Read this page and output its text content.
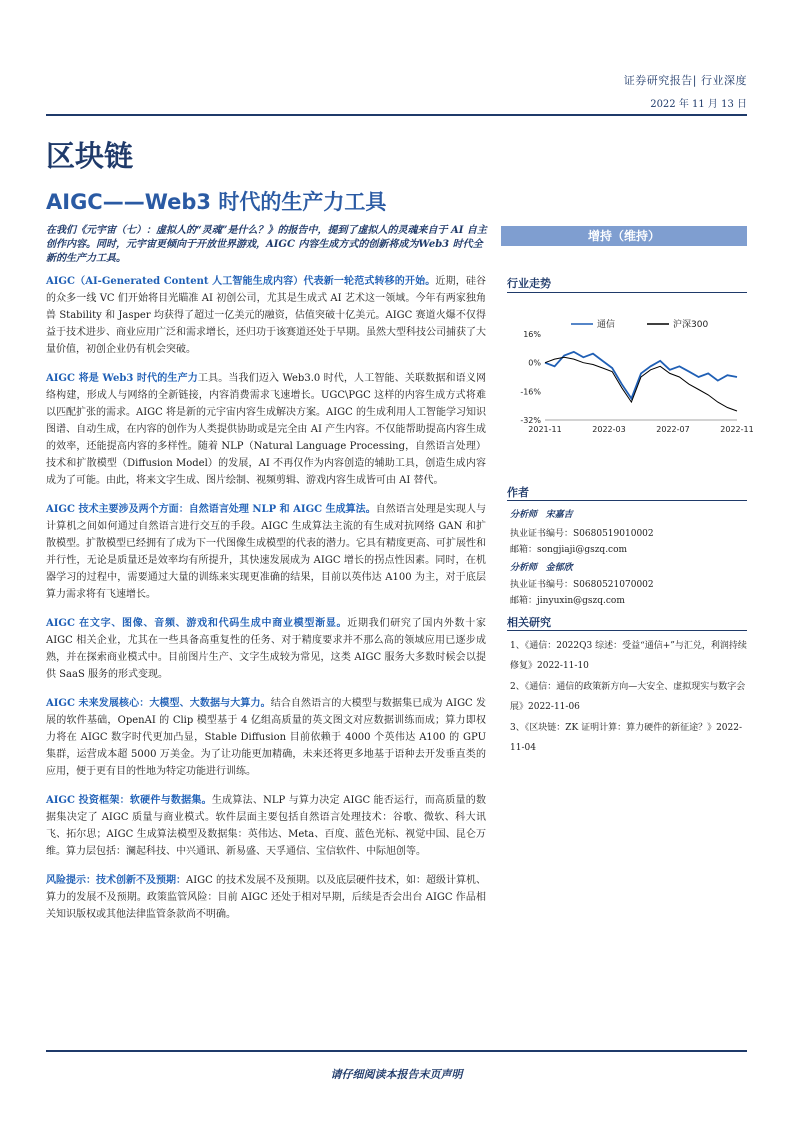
证券研究报告| 行业深度
2022 年 11 月 13 日
区块链
AIGC——Web3 时代的生产力工具
在我们《元宇宙（七）：虚拟人的“灵魂”是什么？》的报告中，提到了虚拟人的灵魂来自于 AI 自主创作内容。同时，元宇宙更倾向于开放世界游戏，AIGC 内容生成方式的创新将成为Web3 时代全新的生产力工具。

AIGC（AI-Generated Content 人工智能生成内容）代表新一轮范式转移的开始。近期，硅谷的众多一线 VC 们开始将目光瞄准 AI 初创公司，尤其是生成式 AI 艺术这一领域。今年有两家独角兽 Stability 和 Jasper 均获得了超过一亿美元的融资，估值突破十亿美元。AIGC 赛道火爆不仅得益于技术进步、商业应用广泛和需求增长，还归功于该赛道还处于早期。虽然大型科技公司捕获了大量价值，初创企业仍有机会突破。

AIGC 将是 Web3 时代的生产力工具。当我们迈入 Web3.0 时代，人工智能、关联数据和语义网络构建，形成人与网络的全新链接，内容消费需求飞速增长。UGC\PGC 这样的内容生成方式将难以匹配扩张的需求。AIGC 将是新的元宇宙内容生成解决方案。AIGC 的生成利用人工智能学习知识图谱、自动生成，在内容的创作为人类提供协助或是完全由 AI 产生内容。不仅能帮助提高内容生成的效率，还能提高内容的多样性。随着 NLP（Natural Language Processing，自然语言处理）技术和扩散模型（Diffusion Model）的发展，AI 不再仅作为内容创造的辅助工具，创造生成内容成为了可能。由此，将来文字生成、图片绘制、视频剪辑、游戏内容生成皆可由 AI 替代。

AIGC 技术主要涉及两个方面：自然语言处理 NLP 和 AIGC 生成算法。自然语言处理是实现人与计算机之间如何通过自然语言进行交互的手段。AIGC 生成算法主流的有生成对抗网络 GAN 和扩散模型。扩散模型已经拥有了成为下一代图像生成模型的代表的潜力。它具有精度更高、可扩展性和并行性，无论是质量还是效率均有所提升，其快速发展成为 AIGC 增长的拐点性因素。同时，在机器学习的过程中，需要通过大量的训练来实现更准确的结果，目前以英伟达 A100 为主，对于底层算力需求将有飞速增长。

AIGC 在文字、图像、音频、游戏和代码生成中商业模型渐显。近期我们研究了国内外数十家 AIGC 相关企业，尤其在一些具备高重复性的任务、对于精度要求并不那么高的领域应用已逐步成熟，并在探索商业模式中。目前图片生产、文字生成较为常见，这类 AIGC 服务大多数时候会以提供 SaaS 服务的形式变现。

AIGC 未来发展核心：大模型、大数据与大算力。结合自然语言的大模型与数据集已成为 AIGC 发展的软件基础，OpenAI 的 Clip 模型基于 4 亿组高质量的英文图文对应数据训练而成；算力即权力将在 AIGC 数字时代更加凸显，Stable Diffusion 目前依赖于 4000 个英伟达 A100 的 GPU 集群，运营成本超 5000 万美金。为了让功能更加精确，未来还将更多地基于语种去开发垂直类的应用，便于更有目的性地为特定功能进行训练。

AIGC 投资框架：软硬件与数据集。生成算法、NLP 与算力决定 AIGC 能否运行，而高质量的数据集决定了 AIGC 质量与商业模式。软件层面主要包括自然语言处理技术：谷歌、微软、科大讯飞、拓尔思；AIGC 生成算法模型及数据集：英伟达、Meta、百度、蓝色光标、视觉中国、昆仑万维。算力层包括：澜起科技、中兴通讯、新易盛、天孚通信、宝信软件、中际旭创等。

风险提示：技术创新不及预期：AIGC 的技术发展不及预期。以及底层硬件技术，如：超级计算机、算力的发展不及预期。政策监管风险：目前 AIGC 还处于相对早期，后续是否会出台 AIGC 作品相关知识版权或其他法律监管条款尚不明确。

增持（维持）
行业走势
16%
0%
-16%
-32%
2021-11	2022-03	2022-07	2022-11
通信	沪深300
作者
分析师 宋嘉吉
执业证书编号：S0680519010002
邮箱：songjiaji@gszq.com
分析师 金郁欣
执业证书编号：S0680521070002
邮箱：jinyuxin@gszq.com
相关研究
1、《通信：2022Q3 综述：受益“通信+”与汇兑，利润持续修复》2022-11-10
2、《通信：通信的政策新方向—大安全、虚拟现实与数字会展》2022-11-06
3、《区块链：ZK 证明计算：算力硬件的新征途？》2022-11-04
请仔细阅读本报告末页声明
